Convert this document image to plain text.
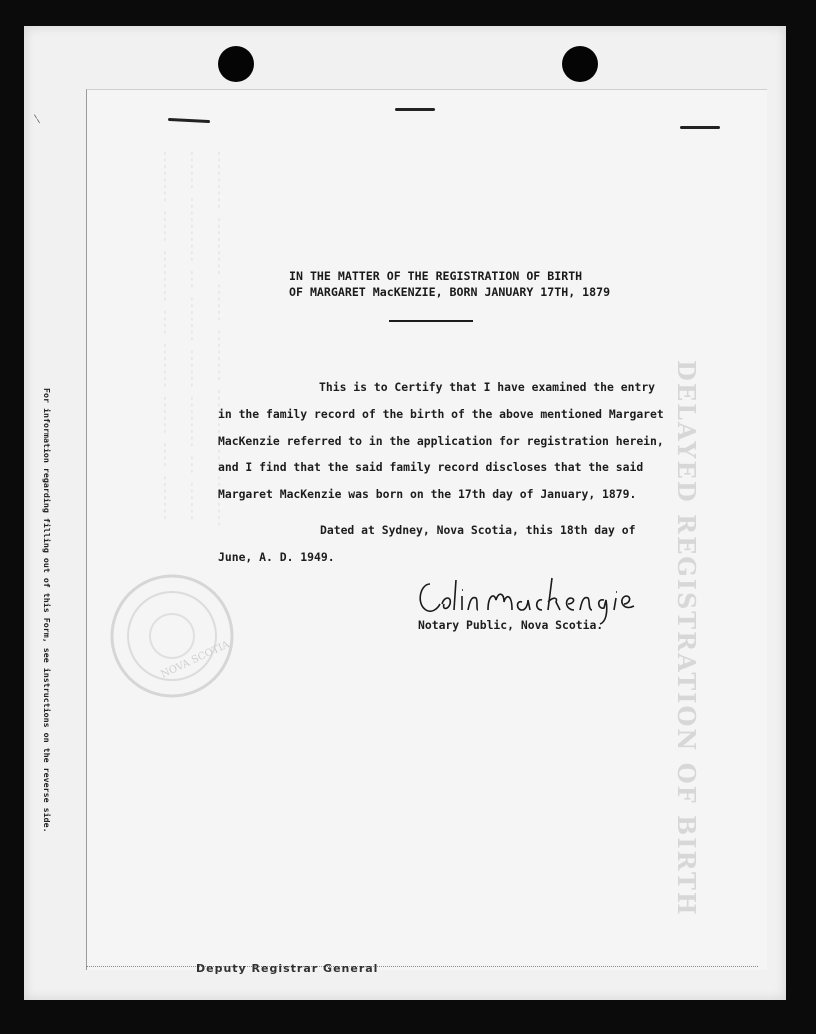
--------- --------- ------ -------- ------- ---- --------
------ ---------- --- ------- ------ -------- --- ------
-------- ----- -------- ---- ------- ------ ---- -------	DELAYED REGISTRATION OF BIRTH
––
For information regarding filling out of this Form, see instructions on the reverse side.
IN THE MATTER OF THE REGISTRATION OF BIRTH
OF MARGARET MacKENZIE, BORN JANUARY 17TH, 1879
This is to Certify that I have examined the entry
in the family record of the birth of the above mentioned Margaret
MacKenzie referred to in the application for registration herein,
and I find that the said family record discloses that the said
Margaret MacKenzie was born on the 17th day of January, 1879.
Dated at Sydney, Nova Scotia, this 18th day of
June, A. D. 1949.
NOVA SCOTIA
Notary Public, Nova Scotia.
Deputy Registrar General
